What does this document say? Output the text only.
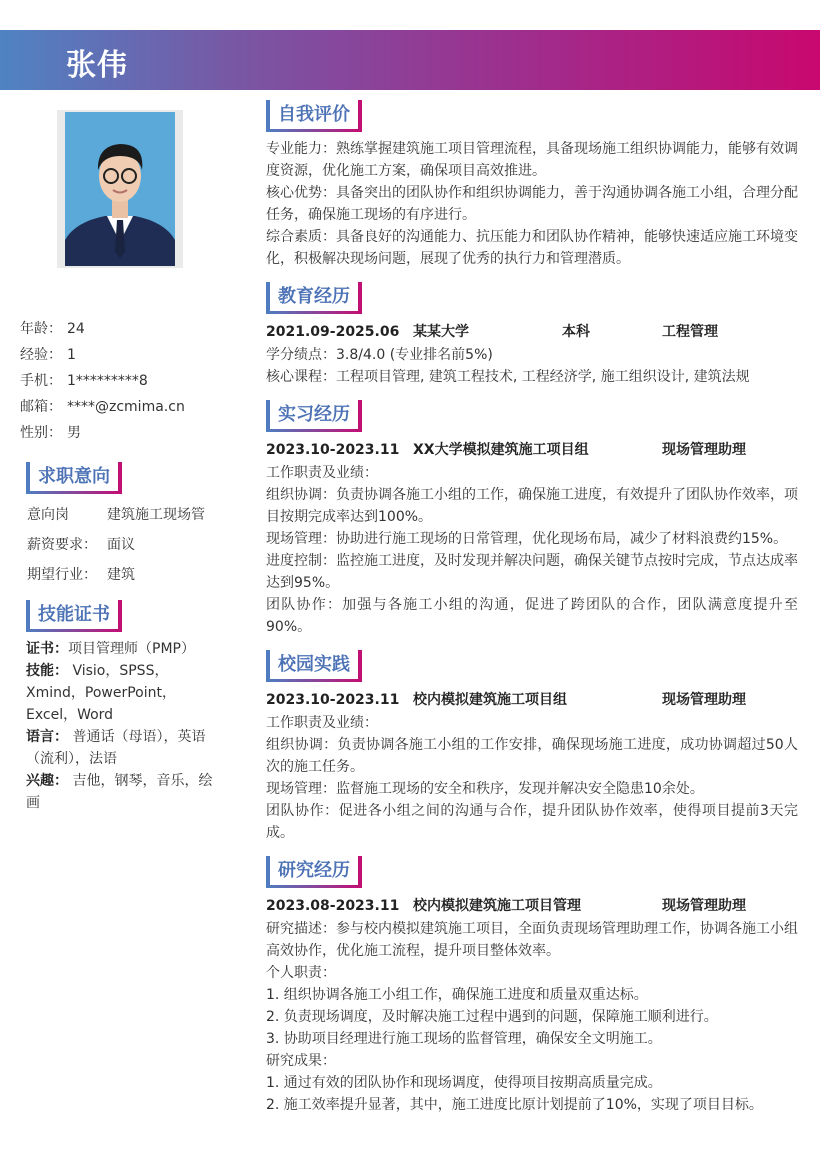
张伟
年龄： 24
经验： 1
手机： 1*********8
邮箱： ****@zcmima.cn
性别： 男
求职意向
意向岗	建筑施工现场管
薪资要求： 面议
期望行业： 建筑
技能证书

证书：项目管理师（PMP）

技能： Visio，SPSS，Xmind，PowerPoint，Excel，Word

语言： 普通话（母语），英语（流利），法语

兴趣： 吉他，钢琴，音乐，绘画

自我评价

专业能力：熟练掌握建筑施工项目管理流程，具备现场施工组织协调能力，能够有效调度资源，优化施工方案，确保项目高效推进。

核心优势：具备突出的团队协作和组织协调能力，善于沟通协调各施工小组，合理分配任务，确保施工现场的有序进行。

综合素质：具备良好的沟通能力、抗压能力和团队协作精神，能够快速适应施工环境变化，积极解决现场问题，展现了优秀的执行力和管理潜质。

教育经历
2021.09-2025.06 某某大学	本科	工程管理

学分绩点：3.8/4.0 (专业排名前5%)

核心课程：工程项目管理, 建筑工程技术, 工程经济学, 施工组织设计, 建筑法规

实习经历
2023.10-2023.11 XX大学模拟建筑施工项目组	现场管理助理

工作职责及业绩：

组织协调：负责协调各施工小组的工作，确保施工进度，有效提升了团队协作效率，项目按期完成率达到100%。

现场管理：协助进行施工现场的日常管理，优化现场布局，减少了材料浪费约15%。

进度控制：监控施工进度，及时发现并解决问题，确保关键节点按时完成，节点达成率达到95%。

团队协作：加强与各施工小组的沟通，促进了跨团队的合作，团队满意度提升至90%。

校园实践
2023.10-2023.11 校内模拟建筑施工项目组	现场管理助理

工作职责及业绩：

组织协调：负责协调各施工小组的工作安排，确保现场施工进度，成功协调超过50人次的施工任务。

现场管理：监督施工现场的安全和秩序，发现并解决安全隐患10余处。

团队协作：促进各小组之间的沟通与合作，提升团队协作效率，使得项目提前3天完成。

研究经历
2023.08-2023.11 校内模拟建筑施工项目管理	现场管理助理

研究描述：参与校内模拟建筑施工项目，全面负责现场管理助理工作，协调各施工小组高效协作，优化施工流程，提升项目整体效率。

个人职责：

1. 组织协调各施工小组工作，确保施工进度和质量双重达标。

2. 负责现场调度，及时解决施工过程中遇到的问题，保障施工顺利进行。

3. 协助项目经理进行施工现场的监督管理，确保安全文明施工。

研究成果：

1. 通过有效的团队协作和现场调度，使得项目按期高质量完成。

2. 施工效率提升显著，其中，施工进度比原计划提前了10%，实现了项目目标。
